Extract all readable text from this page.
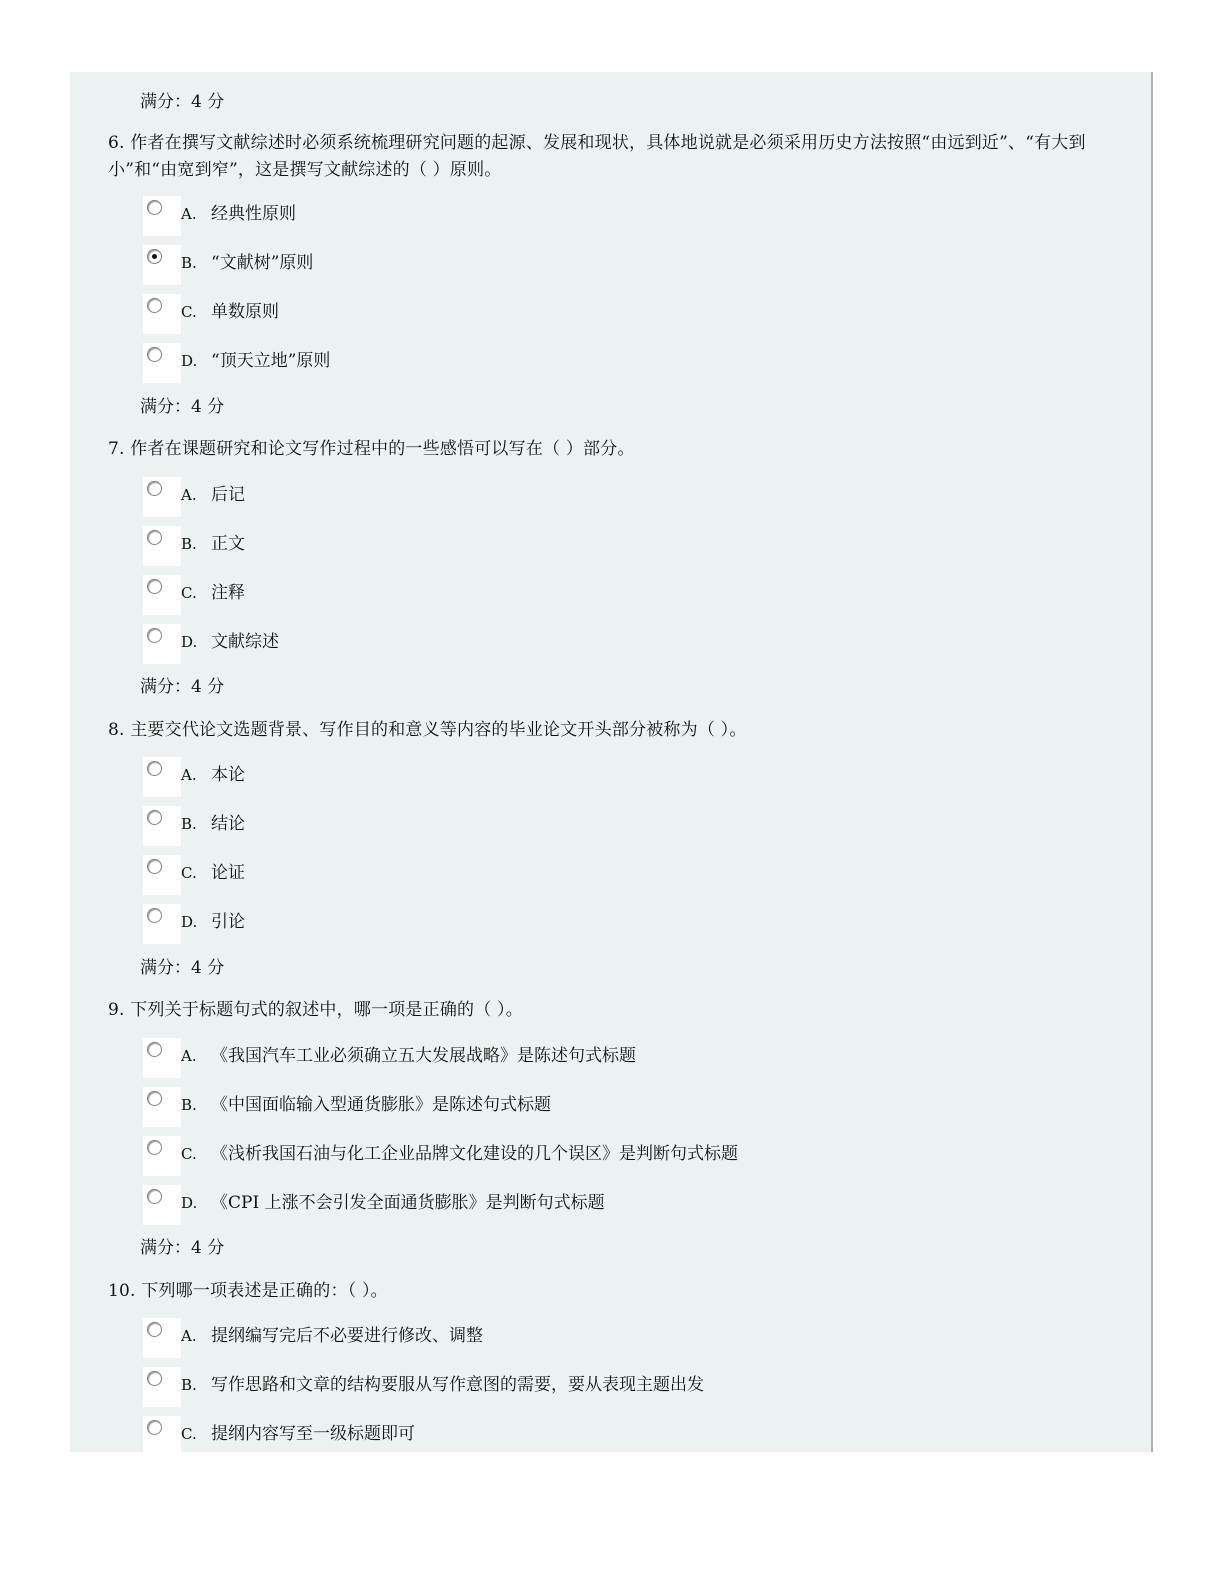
满分：4 分
6. 作者在撰写文献综述时必须系统梳理研究问题的起源、发展和现状，具体地说就是必须采用历史方法按照“由远到近”、“有大到小”和“由宽到窄”，这是撰写文献综述的（ ）原则。
A. 经典性原则
B. “文献树”原则
C. 单数原则
D. “顶天立地”原则
满分：4 分
7. 作者在课题研究和论文写作过程中的一些感悟可以写在（ ）部分。
A. 后记
B. 正文
C. 注释
D. 文献综述
满分：4 分
8. 主要交代论文选题背景、写作目的和意义等内容的毕业论文开头部分被称为（ ）。
A. 本论
B. 结论
C. 论证
D. 引论
满分：4 分
9. 下列关于标题句式的叙述中，哪一项是正确的（ ）。
A. 《我国汽车工业必须确立五大发展战略》是陈述句式标题
B. 《中国面临输入型通货膨胀》是陈述句式标题
C. 《浅析我国石油与化工企业品牌文化建设的几个误区》是判断句式标题
D. 《CPI 上涨不会引发全面通货膨胀》是判断句式标题
满分：4 分
10. 下列哪一项表述是正确的：（ ）。
A. 提纲编写完后不必要进行修改、调整
B. 写作思路和文章的结构要服从写作意图的需要，要从表现主题出发
C. 提纲内容写至一级标题即可
